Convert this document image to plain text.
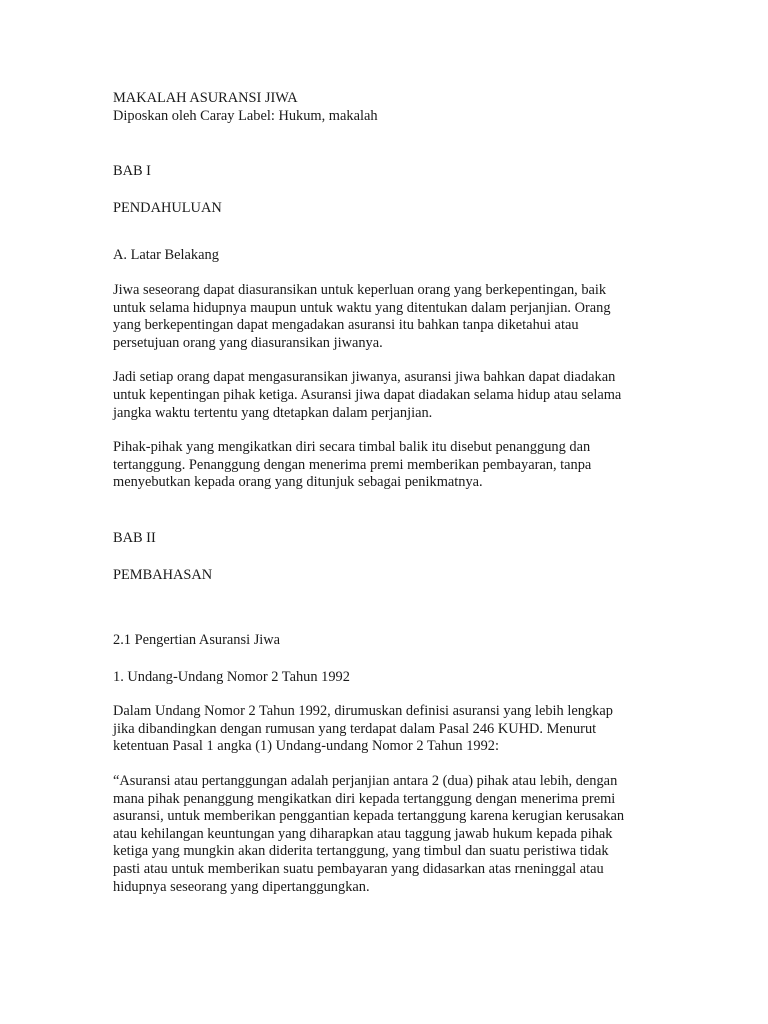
MAKALAH ASURANSI JIWA

Diposkan oleh Caray Label: Hukum, makalah

BAB I

PENDAHULUAN

A. Latar Belakang

Jiwa seseorang dapat diasuransikan untuk keperluan orang yang berkepentingan, baik
untuk selama hidupnya maupun untuk waktu yang ditentukan dalam perjanjian. Orang
yang berkepentingan dapat mengadakan asuransi itu bahkan tanpa diketahui atau
persetujuan orang yang diasuransikan jiwanya.

Jadi setiap orang dapat mengasuransikan jiwanya, asuransi jiwa bahkan dapat diadakan
untuk kepentingan pihak ketiga. Asuransi jiwa dapat diadakan selama hidup atau selama
jangka waktu tertentu yang dtetapkan dalam perjanjian.

Pihak-pihak yang mengikatkan diri secara timbal balik itu disebut penanggung dan
tertanggung. Penanggung dengan menerima premi memberikan pembayaran, tanpa
menyebutkan kepada orang yang ditunjuk sebagai penikmatnya.

BAB II

PEMBAHASAN

2.1 Pengertian Asuransi Jiwa

1. Undang-Undang Nomor 2 Tahun 1992

Dalam Undang Nomor 2 Tahun 1992, dirumuskan definisi asuransi yang lebih lengkap
jika dibandingkan dengan rumusan yang terdapat dalam Pasal 246 KUHD. Menurut
ketentuan Pasal 1 angka (1) Undang-undang Nomor 2 Tahun 1992:

“Asuransi atau pertanggungan adalah perjanjian antara 2 (dua) pihak atau lebih, dengan
mana pihak penanggung mengikatkan diri kepada tertanggung dengan menerima premi
asuransi, untuk memberikan penggantian kepada tertanggung karena kerugian kerusakan
atau kehilangan keuntungan yang diharapkan atau taggung jawab hukum kepada pihak
ketiga yang mungkin akan diderita tertanggung, yang timbul dan suatu peristiwa tidak
pasti atau untuk memberikan suatu pembayaran yang didasarkan atas rneninggal atau
hidupnya seseorang yang dipertanggungkan.
